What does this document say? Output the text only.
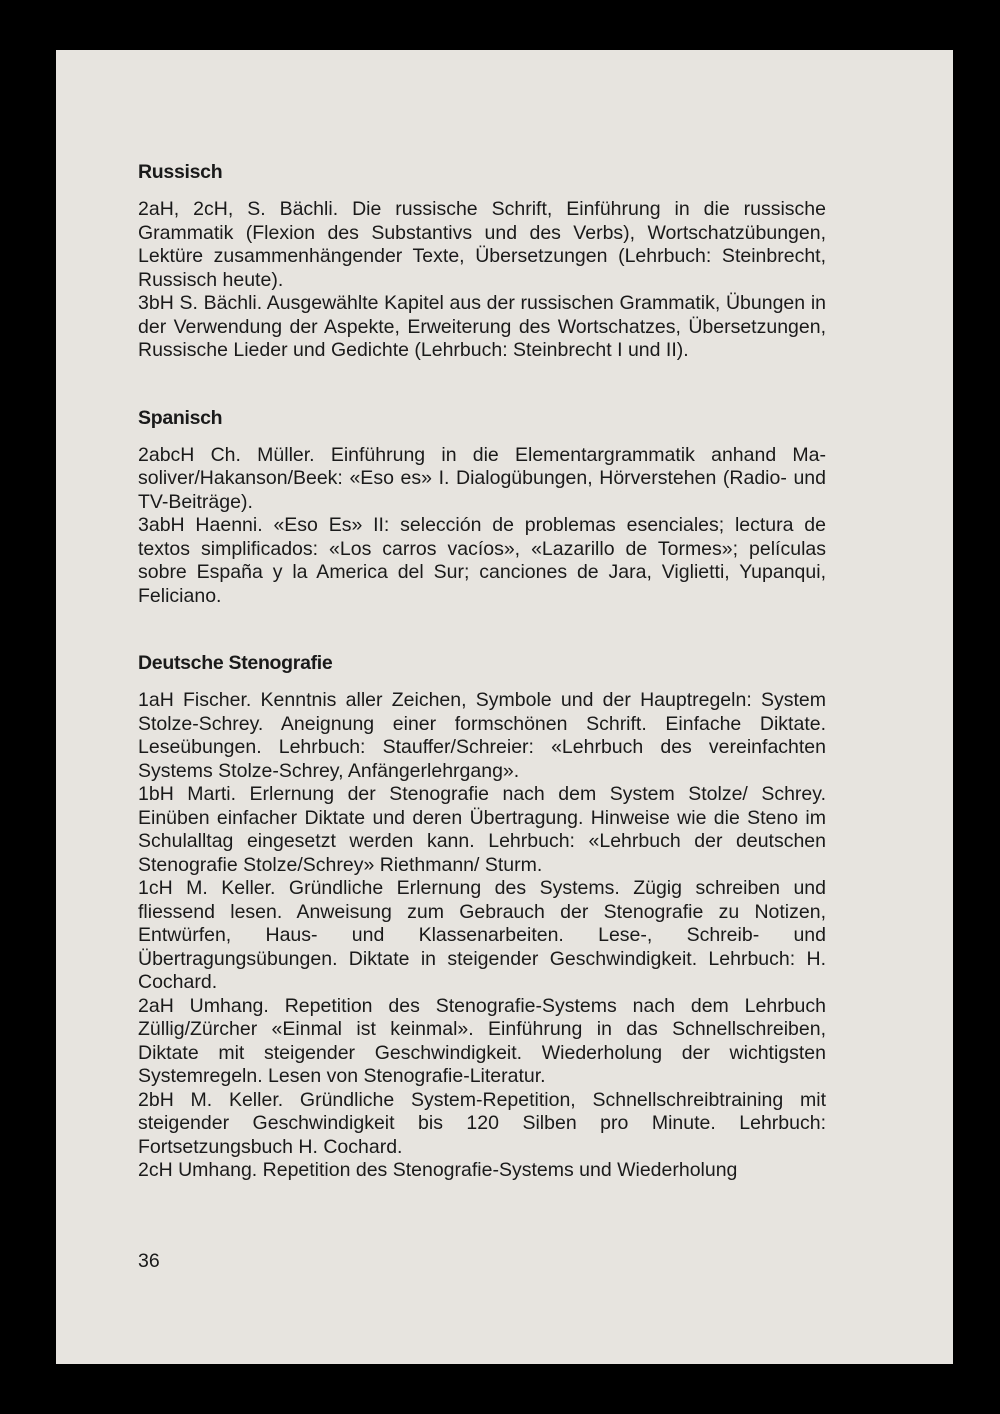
Russisch

2aH, 2cH, S. Bächli. Die russische Schrift, Einführung in die russische Grammatik (Flexion des Substantivs und des Verbs), Wortschatzübungen, Lektüre zusammenhängender Texte, Übersetzungen (Lehrbuch: Steinbrecht, Russisch heute).

3bH S. Bächli. Ausgewählte Kapitel aus der russischen Grammatik, Übungen in der Verwendung der Aspekte, Erweiterung des Wortschatzes, Übersetzungen, Russische Lieder und Gedichte (Lehrbuch: Steinbrecht I und II).

Spanisch

2abcH Ch. Müller. Einführung in die Elementargrammatik anhand Masoliver/Hakanson/Beek: «Eso es» I. Dialogübungen, Hörverstehen (Radio- und TV-Beiträge).

3abH Haenni. «Eso Es» II: selección de problemas esenciales; lectura de textos simplificados: «Los carros vacíos», «Lazarillo de Tormes»; películas sobre España y la America del Sur; canciones de Jara, Viglietti, Yupanqui, Feliciano.

Deutsche Stenografie

1aH Fischer. Kenntnis aller Zeichen, Symbole und der Hauptregeln: System Stolze-Schrey. Aneignung einer formschönen Schrift. Einfache Diktate. Leseübungen. Lehrbuch: Stauffer/Schreier: «Lehrbuch des vereinfachten Systems Stolze-Schrey, Anfängerlehrgang».

1bH Marti. Erlernung der Stenografie nach dem System Stolze/ Schrey. Einüben einfacher Diktate und deren Übertragung. Hinweise wie die Steno im Schulalltag eingesetzt werden kann. Lehrbuch: «Lehrbuch der deutschen Stenografie Stolze/Schrey» Riethmann/ Sturm.

1cH M. Keller. Gründliche Erlernung des Systems. Zügig schreiben und fliessend lesen. Anweisung zum Gebrauch der Stenografie zu Notizen, Entwürfen, Haus- und Klassenarbeiten. Lese-, Schreib- und Übertragungsübungen. Diktate in steigender Geschwindigkeit. Lehrbuch: H. Cochard.

2aH Umhang. Repetition des Stenografie-Systems nach dem Lehrbuch Züllig/Zürcher «Einmal ist keinmal». Einführung in das Schnellschreiben, Diktate mit steigender Geschwindigkeit. Wiederholung der wichtigsten Systemregeln. Lesen von Stenografie-Literatur.

2bH M. Keller. Gründliche System-Repetition, Schnellschreibtraining mit steigender Geschwindigkeit bis 120 Silben pro Minute. Lehrbuch: Fortsetzungsbuch H. Cochard.

2cH Umhang. Repetition des Stenografie-Systems und Wiederholung

36
